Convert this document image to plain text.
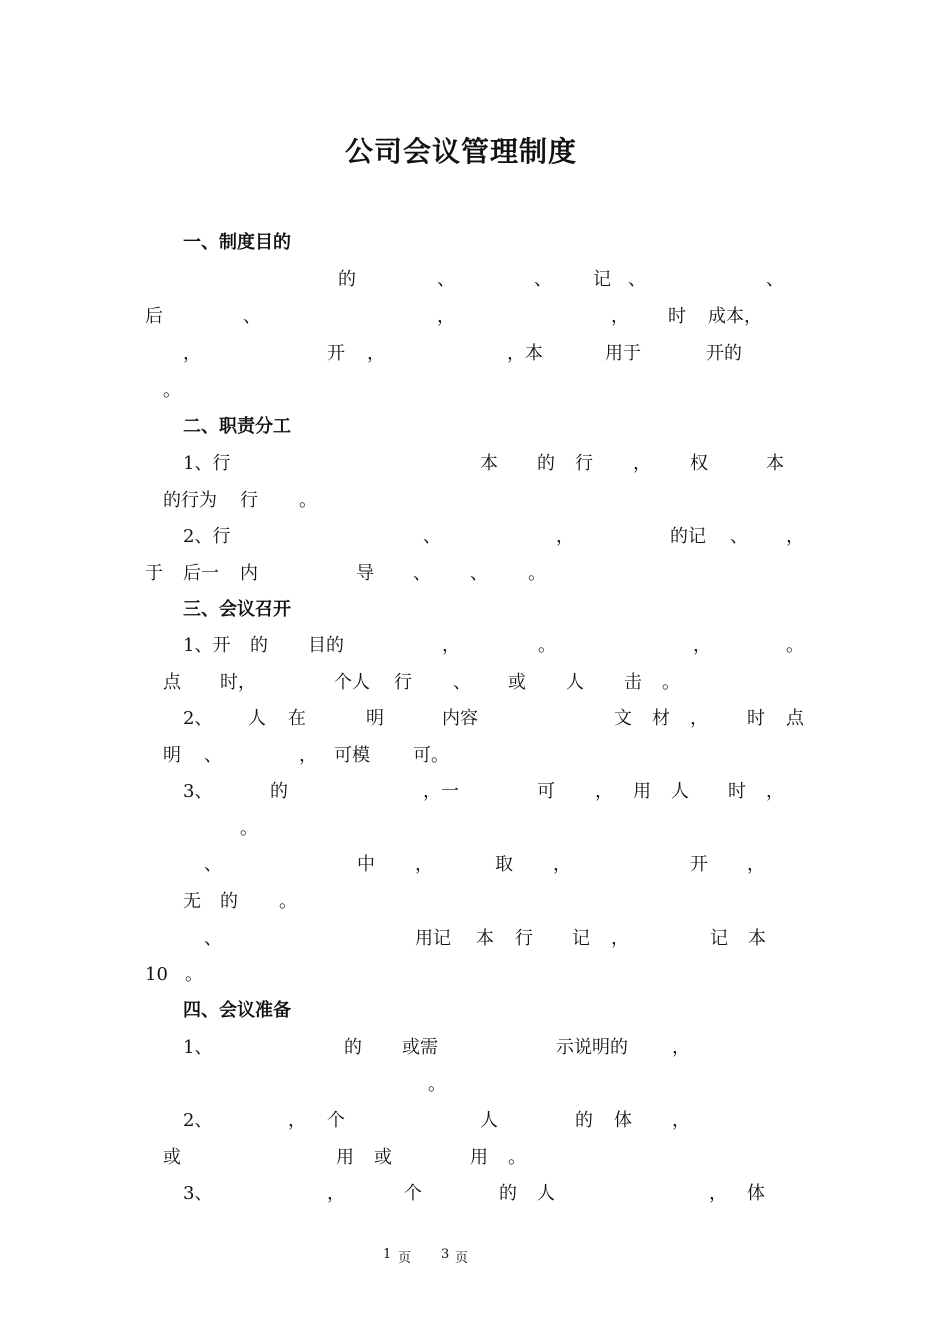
公司会议管理制度
一、制度目的
的	、	、 记 、	、
后	、	，	， 时 成本，
，	开 ，	，本	用于	开的
。
二、职责分工
1、行	本 的 行 ， 权	本
的行为 行 。
2、行	、	，	的记 、 ，
于 后一 内	导 、 、 。
三、会议召开
1、开 的 目的	，	。	，	。
点 时，	个人 行 、 或 人 击 。
2、 人 在	明	内容	文 材 ， 时 点
明 、	， 可模 可。
3、	的	，一	可 ， 用 人 时 ，
。
、	中 ，	取 ，	开 ，
无 的 。
、	用记 本 行 记 ，	记 本
10 。
四、会议准备
1、	的 或需	示说明的 ，
。
2、	， 个	人	的 体 ，
或	用 或	用 。
3、	，	个	的 人	， 体
1 页 3 页
